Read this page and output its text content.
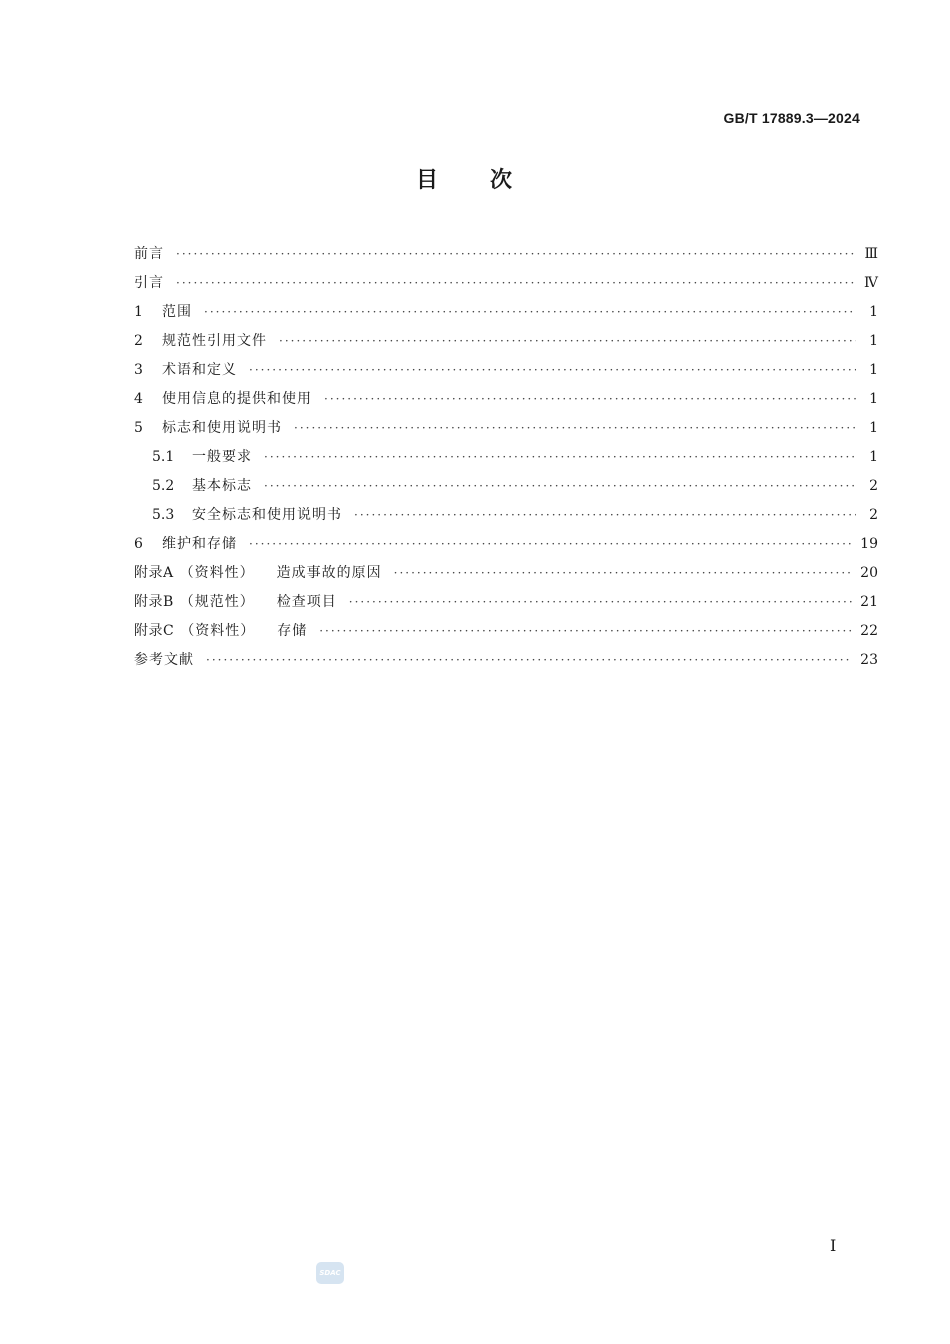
GB/T 17889.3—2024
目次
前言 ·····	Ⅲ
引言 ·····	Ⅳ
1	范围 ·····	1
2	规范性引用文件 ·····	1
3	术语和定义 ·····	1
4	使用信息的提供和使用 ·····	1
5	标志和使用说明书 ·····	1
5.1	一般要求 ·····	1
5.2	基本标志 ·····	2
5.3	安全标志和使用说明书 ·····	2
6	维护和存储 ·····	19
附录A （资料性） 造成事故的原因 ·····	20
附录B （规范性） 检查项目 ·····	21
附录C （资料性） 存储 ·····	22
参考文献 ·····	23
I
SDAC
